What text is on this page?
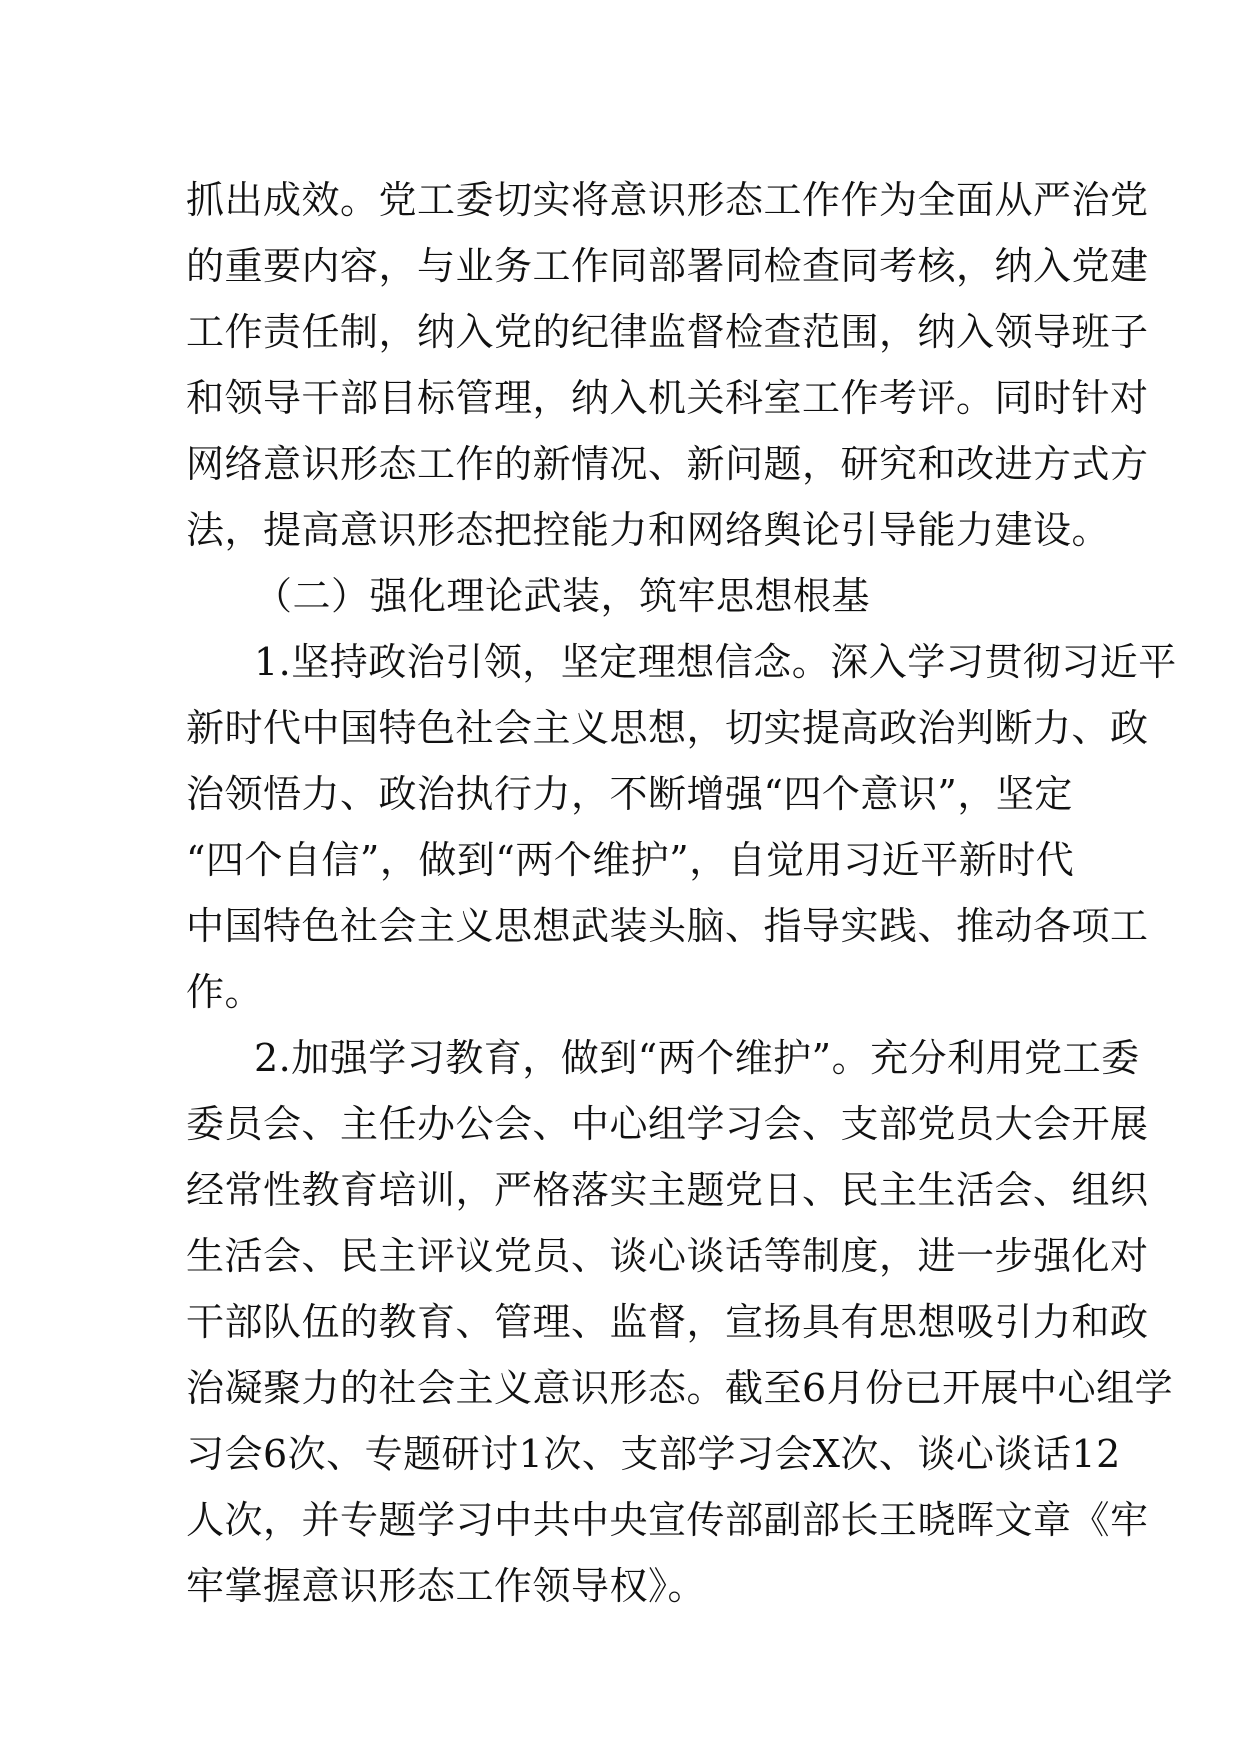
抓出成效。党工委切实将意识形态工作作为全面从严治党
的重要内容，与业务工作同部署同检查同考核，纳入党建
工作责任制，纳入党的纪律监督检查范围，纳入领导班子
和领导干部目标管理，纳入机关科室工作考评。同时针对
网络意识形态工作的新情况、新问题，研究和改进方式方
法，提高意识形态把控能力和网络舆论引导能力建设。
（二）强化理论武装，筑牢思想根基
1.坚持政治引领，坚定理想信念。深入学习贯彻习近平
新时代中国特色社会主义思想，切实提高政治判断力、政
治领悟力、政治执行力，不断增强“四个意识”，坚定
“四个自信”，做到“两个维护”，自觉用习近平新时代
中国特色社会主义思想武装头脑、指导实践、推动各项工
作。
2.加强学习教育，做到“两个维护”。充分利用党工委
委员会、主任办公会、中心组学习会、支部党员大会开展
经常性教育培训，严格落实主题党日、民主生活会、组织
生活会、民主评议党员、谈心谈话等制度，进一步强化对
干部队伍的教育、管理、监督，宣扬具有思想吸引力和政
治凝聚力的社会主义意识形态。截至6月份已开展中心组学
习会6次、专题研讨1次、支部学习会X次、谈心谈话12
人次，并专题学习中共中央宣传部副部长王晓晖文章《牢
牢掌握意识形态工作领导权》。
